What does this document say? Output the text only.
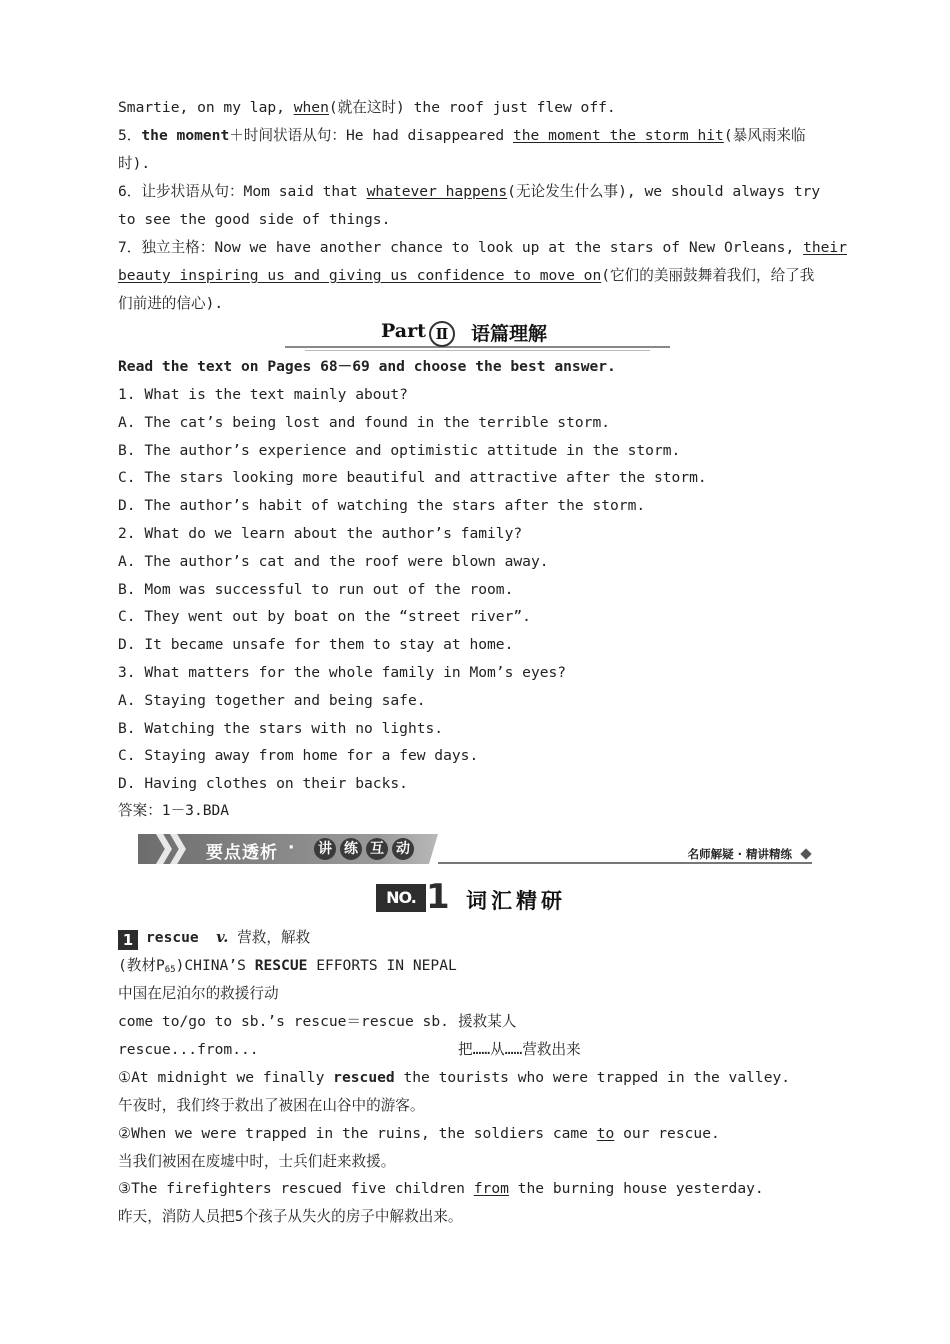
Smartie, on my lap, when(就在这时) the roof just flew off.
5．the moment＋时间状语从句：He had disappeared the moment the storm hit(暴风雨来临
时).
6．让步状语从句：Mom said that whatever happens(无论发生什么事), we should always try
to see the good side of things.
7．独立主格：Now we have another chance to look up at the stars of New Orleans, their
beauty inspiring us and giving us confidence to move on(它们的美丽鼓舞着我们，给了我
们前进的信心).
Part Ⅱ	语篇理解
Read the text on Pages 68－69 and choose the best answer.
1. What is the text mainly about?
A. The cat’s being lost and found in the terrible storm.
B. The author’s experience and optimistic attitude in the storm.
C. The stars looking more beautiful and attractive after the storm.
D. The author’s habit of watching the stars after the storm.
2. What do we learn about the author’s family?
A. The author’s cat and the roof were blown away.
B. Mom was successful to run out of the room.
C. They went out by boat on the “street river”.
D. It became unsafe for them to stay at home.
3. What matters for the whole family in Mom’s eyes?
A. Staying together and being safe.
B. Watching the stars with no lights.
C. Staying away from home for a few days.
D. Having clothes on their backs.
答案：1－3.BDA
要点透析 · 讲 练 互 动	名师解疑 · 精讲精练
NO. 1 词汇精研
1 rescue v. 营救，解救
(教材$P_{65})CHINA’S$ RESCUE EFFORTS IN NEPAL
中国在尼泊尔的救援行动
come to/go to sb.’s rescue＝rescue sb. 援救某人
rescue...from...	把……从……营救出来
①At midnight we finally rescued the tourists who were trapped in the valley.
午夜时，我们终于救出了被困在山谷中的游客。
②When we were trapped in the ruins, the soldiers came to our rescue.
当我们被困在废墟中时，士兵们赶来救援。
③The firefighters rescued five children from the burning house yesterday.
昨天，消防人员把5个孩子从失火的房子中解救出来。
